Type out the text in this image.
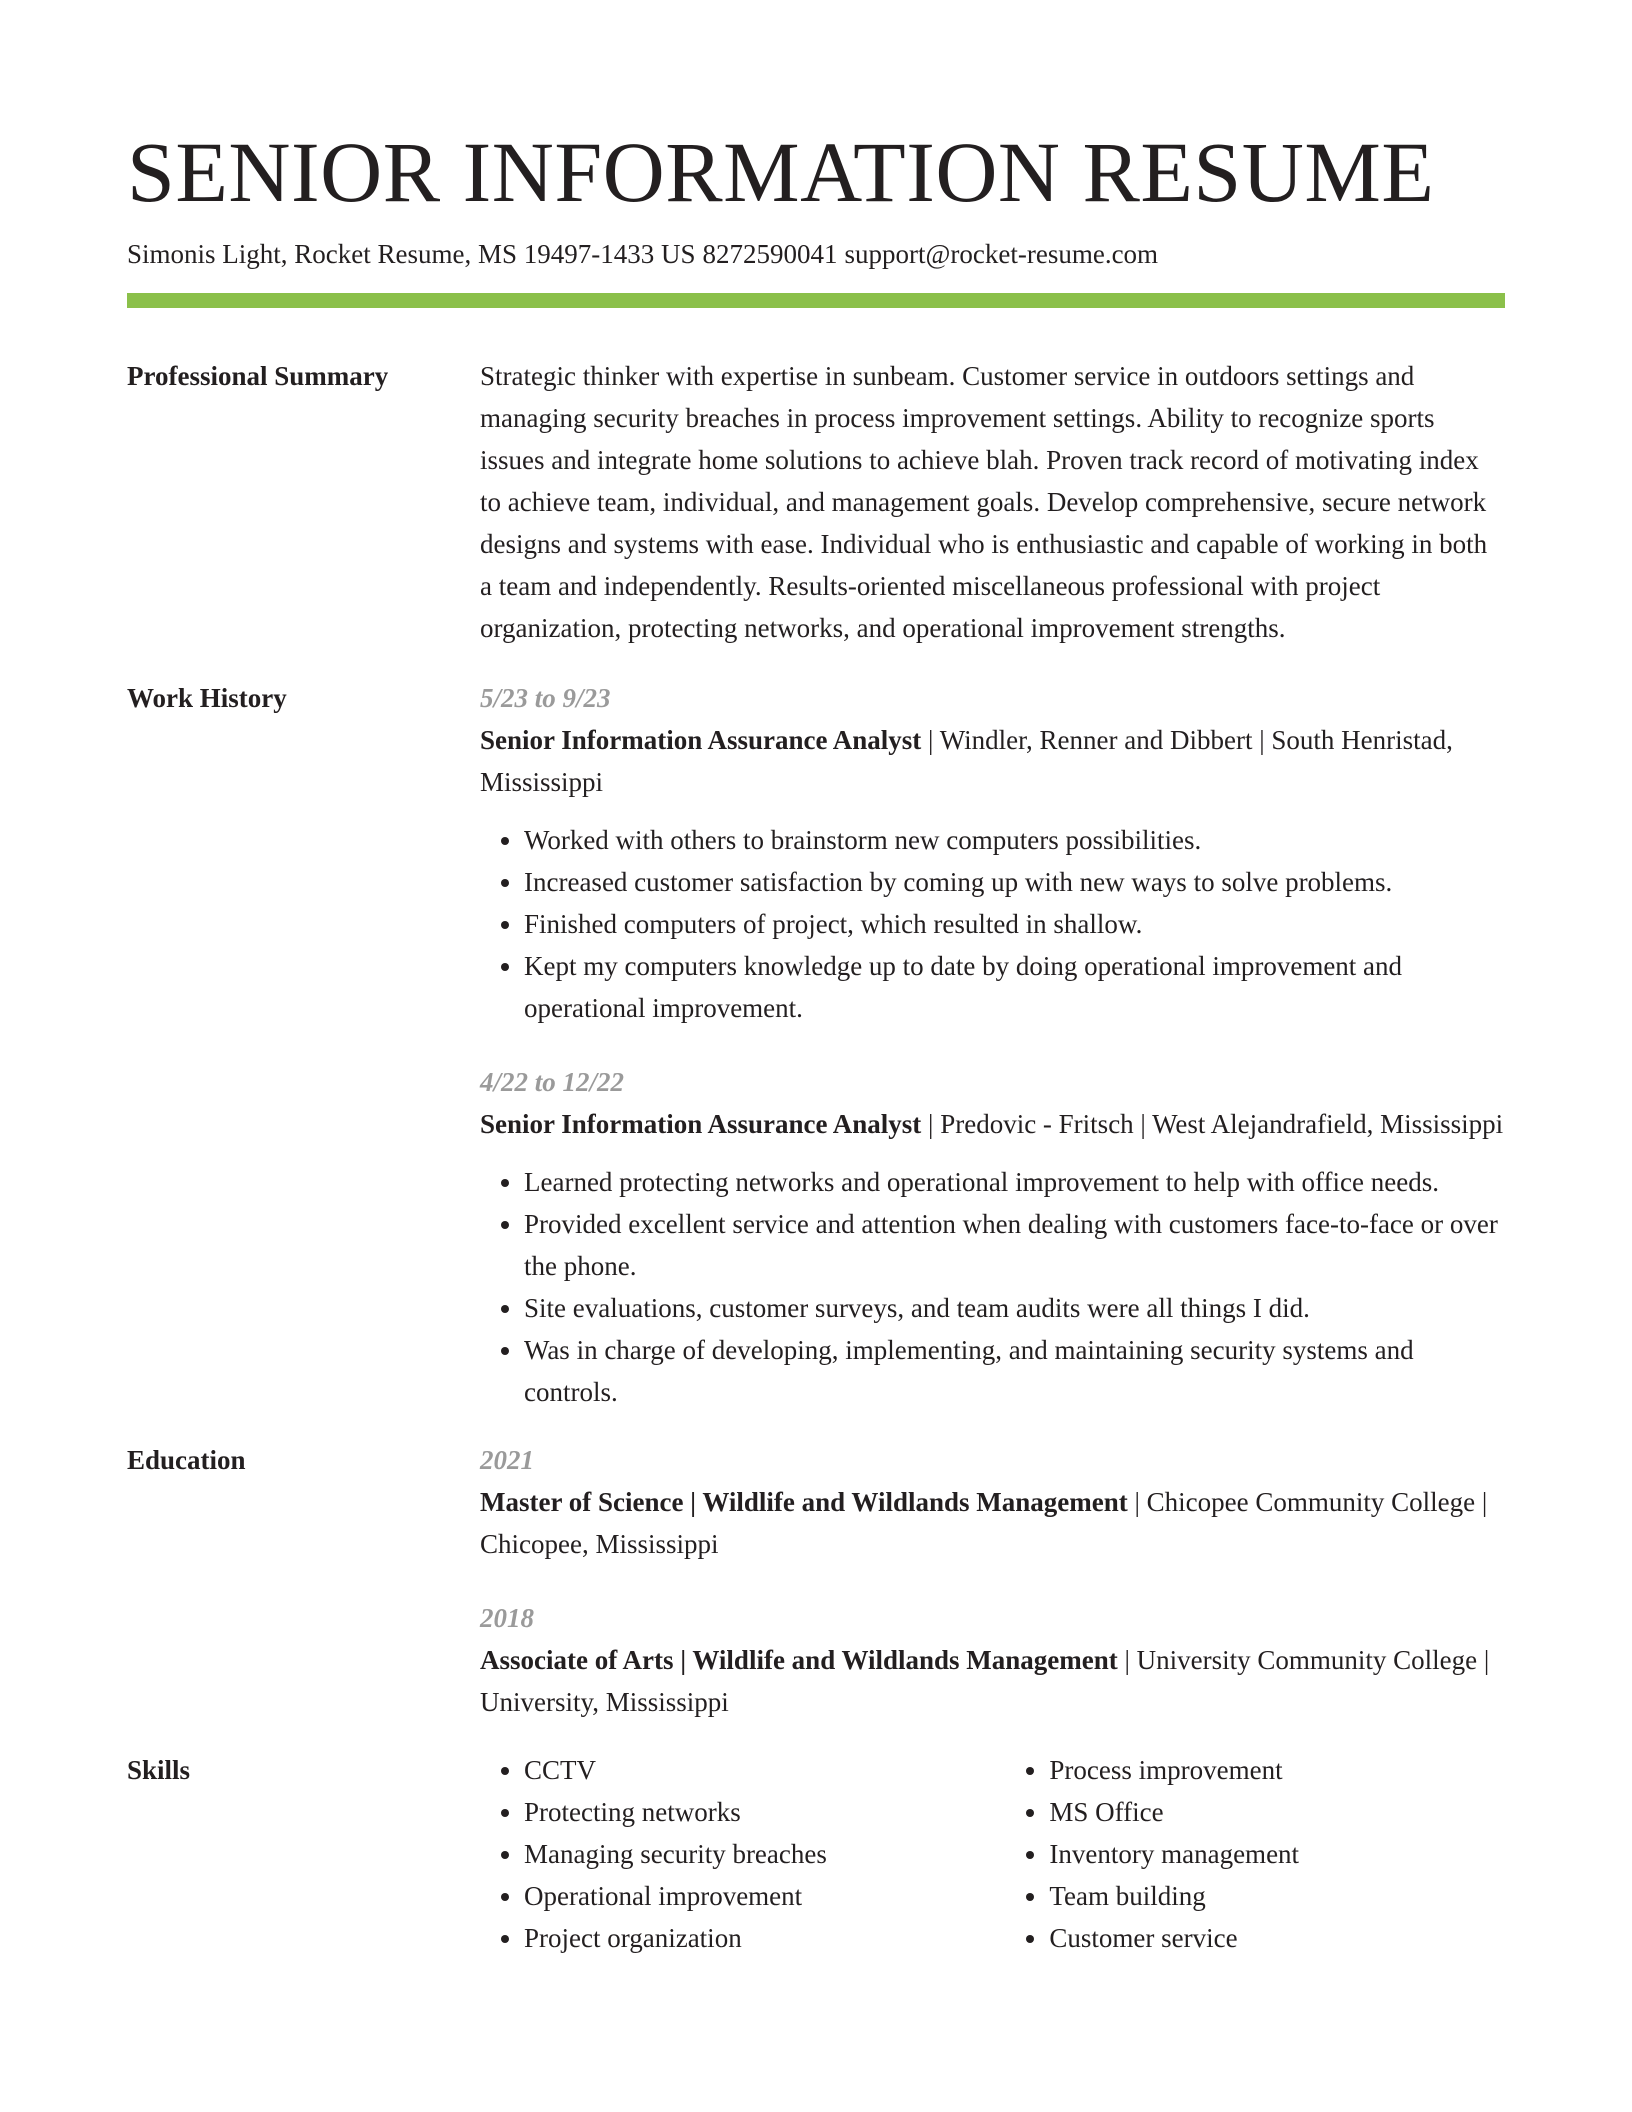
SENIOR INFORMATION RESUME
Simonis Light, Rocket Resume, MS 19497-1433 US 8272590041 support@rocket-resume.com
Professional Summary	Strategic thinker with expertise in sunbeam. Customer service in outdoors settings and managing security breaches in process improvement settings. Ability to recognize sports issues and integrate home solutions to achieve blah. Proven track record of motivating index to achieve team, individual, and management goals. Develop comprehensive, secure network designs and systems with ease. Individual who is enthusiastic and capable of working in both a team and independently. Results-oriented miscellaneous professional with project organization, protecting networks, and operational improvement strengths.

Work History	5/23 to 9/23
Senior Information Assurance Analyst | Windler, Renner and Dibbert | South Henristad, Mississippi
• Worked with others to brainstorm new computers possibilities.
• Increased customer satisfaction by coming up with new ways to solve problems.
• Finished computers of project, which resulted in shallow.
• Kept my computers knowledge up to date by doing operational improvement and operational improvement.
4/22 to 12/22
Senior Information Assurance Analyst | Predovic - Fritsch | West Alejandrafield, Mississippi
• Learned protecting networks and operational improvement to help with office needs.
• Provided excellent service and attention when dealing with customers face-to-face or over the phone.
• Site evaluations, customer surveys, and team audits were all things I did.
• Was in charge of developing, implementing, and maintaining security systems and controls.
Education	2021
Master of Science | Wildlife and Wildlands Management | Chicopee Community College | Chicopee, Mississippi
2018
Associate of Arts | Wildlife and Wildlands Management | University Community College | University, Mississippi
Skills
•	CCTV
• Protecting networks
• Managing security breaches
• Operational improvement
• Project organization
• Process improvement
• MS Office
• Inventory management
• Team building
• Customer service
